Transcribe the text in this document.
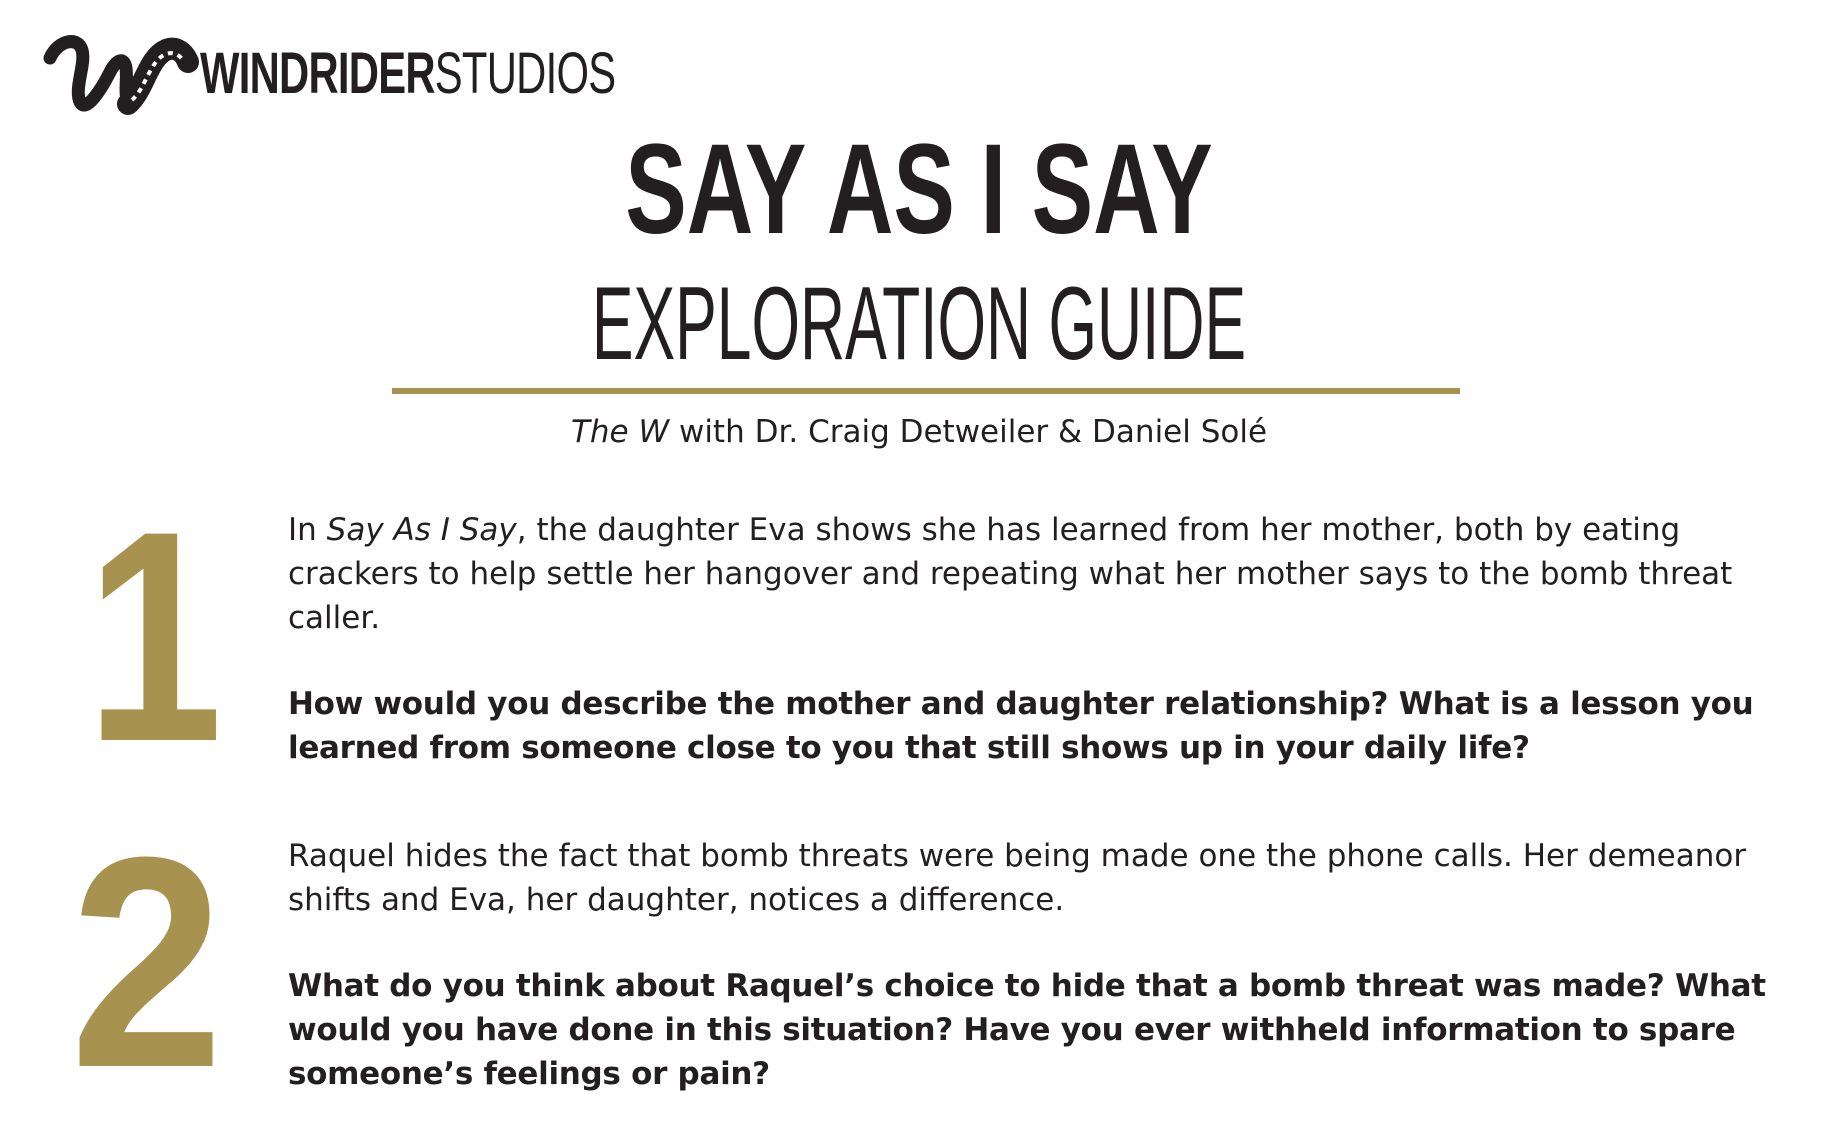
WINDRIDERSTUDIOS
SAY AS I SAY
EXPLORATION GUIDE
The W with Dr. Craig Detweiler & Daniel Solé
1 In Say As I Say, the daughter Eva shows she has learned from her mother, both by eating crackers to help settle her hangover and repeating what her mother says to the bomb threat caller.

How would you describe the mother and daughter relationship? What is a lesson you learned from someone close to you that still shows up in your daily life?

2 Raquel hides the fact that bomb threats were being made one the phone calls. Her demeanor shifts and Eva, her daughter, notices a difference.

What do you think about Raquel’s choice to hide that a bomb threat was made? What would you have done in this situation? Have you ever withheld information to spare someone’s feelings or pain?
